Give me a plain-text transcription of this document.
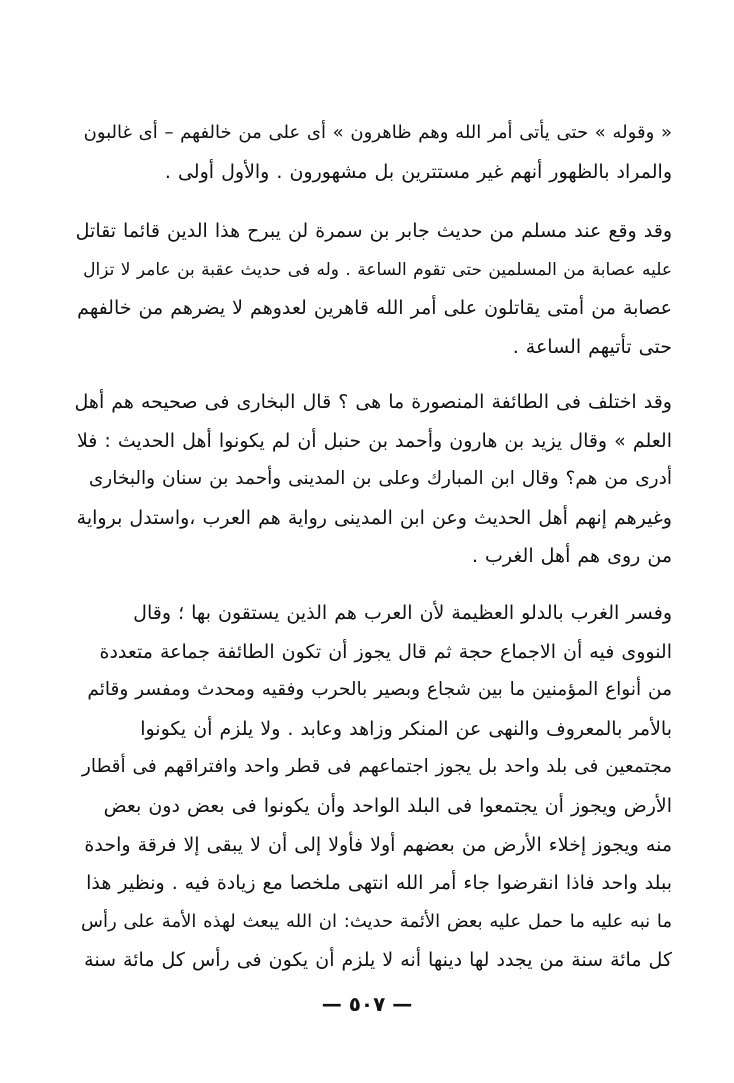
« وقوله » حتى يأتى أمر الله وهم ظاهرون » أى على من خالفهم – أى غالبون
والمراد بالظهور أنهم غير مستترين بل مشهورون . والأول أولى .
وقد وقع عند مسلم من حديث جابر بن سمرة لن يبرح هذا الدين قائما تقاتل
عليه عصابة من المسلمين حتى تقوم الساعة . وله فى حديث عقبة بن عامر لا تزال
عصابة من أمتى يقاتلون على أمر الله قاهرين لعدوهم لا يضرهم من خالفهم
حتى تأتيهم الساعة .
وقد اختلف فى الطائفة المنصورة ما هى ؟ قال البخارى فى صحيحه هم أهل
العلم » وقال يزيد بن هارون وأحمد بن حنبل أن لم يكونوا أهل الحديث : فلا
أدرى من هم؟ وقال ابن المبارك وعلى بن المدينى وأحمد بن سنان والبخارى
وغيرهم إنهم أهل الحديث وعن ابن المدينى رواية هم العرب ،واستدل برواية
من روى هم أهل الغرب .
وفسر الغرب بالدلو العظيمة لأن العرب هم الذين يستقون بها ؛ وقال
النووى فيه أن الاجماع حجة ثم قال يجوز أن تكون الطائفة جماعة متعددة
من أنواع المؤمنين ما بين شجاع وبصير بالحرب وفقيه ومحدث ومفسر وقائم
بالأمر بالمعروف والنهى عن المنكر وزاهد وعابد . ولا يلزم أن يكونوا
مجتمعين فى بلد واحد بل يجوز اجتماعهم فى قطر واحد وافتراقهم فى أقطار
الأرض ويجوز أن يجتمعوا فى البلد الواحد وأن يكونوا فى بعض دون بعض
منه ويجوز إخلاء الأرض من بعضهم أولا فأولا إلى أن لا يبقى إلا فرقة واحدة
ببلد واحد فاذا انقرضوا جاء أمر الله انتهى ملخصا مع زيادة فيه . ونظير هذا
ما نبه عليه ما حمل عليه بعض الأئمة حديث: ان الله يبعث لهذه الأمة على رأس
كل مائة سنة من يجدد لها دينها أنه لا يلزم أن يكون فى رأس كل مائة سنة
— ٥٠٧ —
